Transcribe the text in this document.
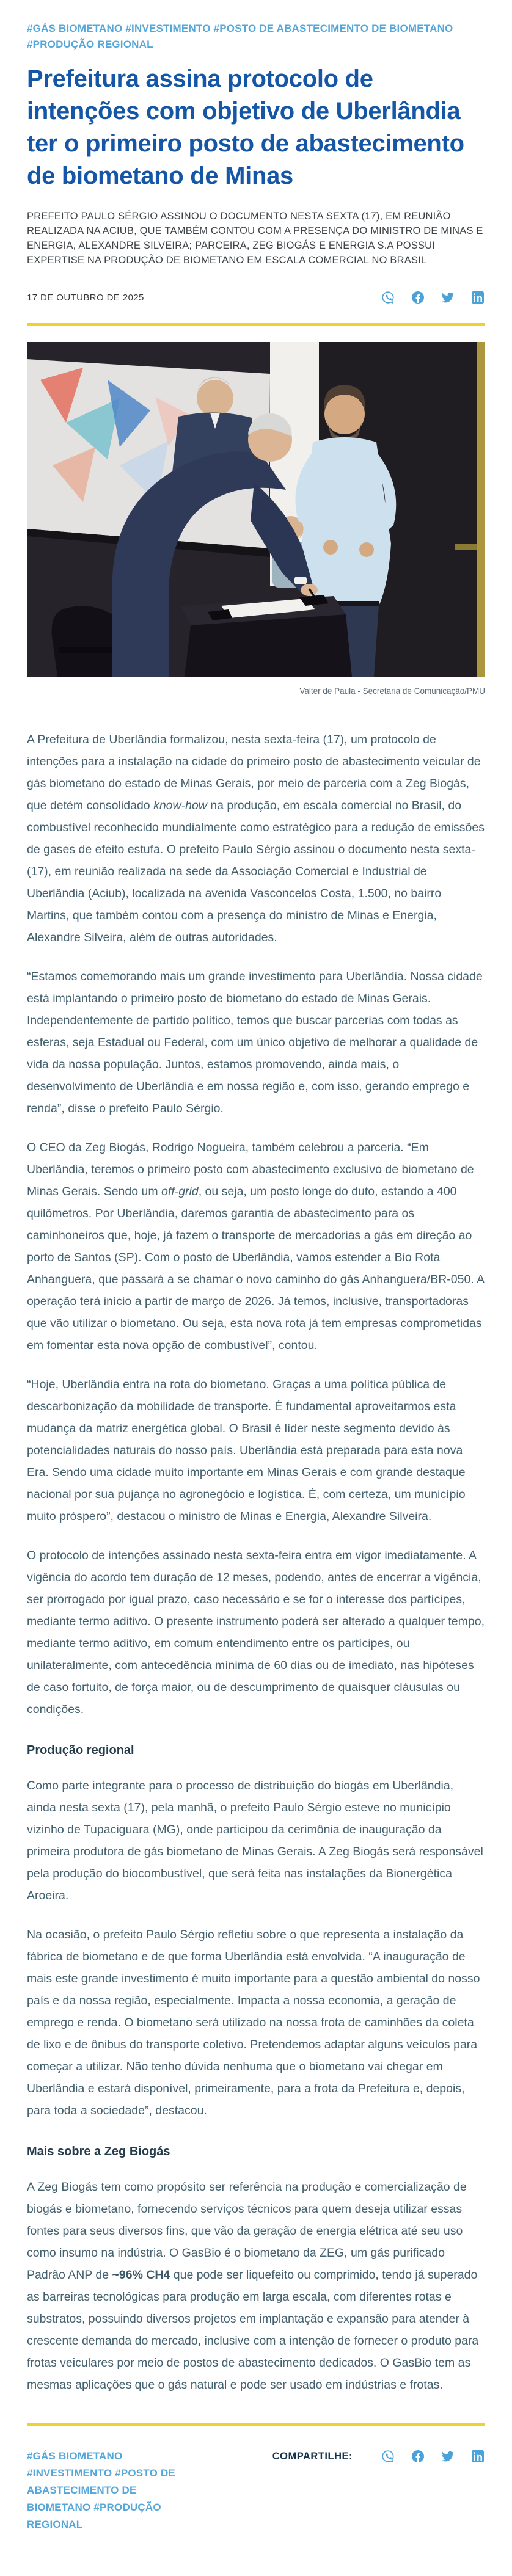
#GÁS BIOMETANO #INVESTIMENTO #POSTO DE ABASTECIMENTO DE BIOMETANO #PRODUÇÃO REGIONAL
Prefeitura assina protocolo de intenções com objetivo de Uberlândia ter o primeiro posto de abastecimento de biometano de Minas

PREFEITO PAULO SÉRGIO ASSINOU O DOCUMENTO NESTA SEXTA (17), EM REUNIÃO REALIZADA NA ACIUB, QUE TAMBÉM CONTOU COM A PRESENÇA DO MINISTRO DE MINAS E ENERGIA, ALEXANDRE SILVEIRA; PARCEIRA, ZEG BIOGÁS E ENERGIA S.A POSSUI EXPERTISE NA PRODUÇÃO DE BIOMETANO EM ESCALA COMERCIAL NO BRASIL

17 DE OUTUBRO DE 2025
Valter de Paula - Secretaria de Comunicação/PMU

A Prefeitura de Uberlândia formalizou, nesta sexta-feira (17), um protocolo de intenções para a instalação na cidade do primeiro posto de abastecimento veicular de gás biometano do estado de Minas Gerais, por meio de parceria com a Zeg Biogás, que detém consolidado know-how na produção, em escala comercial no Brasil, do combustível reconhecido mundialmente como estratégico para a redução de emissões de gases de efeito estufa. O prefeito Paulo Sérgio assinou o documento nesta sexta- (17), em reunião realizada na sede da Associação Comercial e Industrial de Uberlândia (Aciub), localizada na avenida Vasconcelos Costa, 1.500, no bairro Martins, que também contou com a presença do ministro de Minas e Energia, Alexandre Silveira, além de outras autoridades.

“Estamos comemorando mais um grande investimento para Uberlândia. Nossa cidade está implantando o primeiro posto de biometano do estado de Minas Gerais. Independentemente de partido político, temos que buscar parcerias com todas as esferas, seja Estadual ou Federal, com um único objetivo de melhorar a qualidade de vida da nossa população. Juntos, estamos promovendo, ainda mais, o desenvolvimento de Uberlândia e em nossa região e, com isso, gerando emprego e renda”, disse o prefeito Paulo Sérgio.

O CEO da Zeg Biogás, Rodrigo Nogueira, também celebrou a parceria. “Em Uberlândia, teremos o primeiro posto com abastecimento exclusivo de biometano de Minas Gerais. Sendo um off-grid, ou seja, um posto longe do duto, estando a 400 quilômetros. Por Uberlândia, daremos garantia de abastecimento para os caminhoneiros que, hoje, já fazem o transporte de mercadorias a gás em direção ao porto de Santos (SP). Com o posto de Uberlândia, vamos estender a Bio Rota Anhanguera, que passará a se chamar o novo caminho do gás Anhanguera/BR-050. A operação terá início a partir de março de 2026. Já temos, inclusive, transportadoras que vão utilizar o biometano. Ou seja, esta nova rota já tem empresas comprometidas em fomentar esta nova opção de combustível”, contou.

“Hoje, Uberlândia entra na rota do biometano. Graças a uma política pública de descarbonização da mobilidade de transporte. É fundamental aproveitarmos esta mudança da matriz energética global. O Brasil é líder neste segmento devido às potencialidades naturais do nosso país. Uberlândia está preparada para esta nova Era. Sendo uma cidade muito importante em Minas Gerais e com grande destaque nacional por sua pujança no agronegócio e logística. É, com certeza, um município muito próspero”, destacou o ministro de Minas e Energia, Alexandre Silveira.

O protocolo de intenções assinado nesta sexta-feira entra em vigor imediatamente. A vigência do acordo tem duração de 12 meses, podendo, antes de encerrar a vigência, ser prorrogado por igual prazo, caso necessário e se for o interesse dos partícipes, mediante termo aditivo. O presente instrumento poderá ser alterado a qualquer tempo, mediante termo aditivo, em comum entendimento entre os partícipes, ou unilateralmente, com antecedência mínima de 60 dias ou de imediato, nas hipóteses de caso fortuito, de força maior, ou de descumprimento de quaisquer cláusulas ou condições.

Produção regional

Como parte integrante para o processo de distribuição do biogás em Uberlândia, ainda nesta sexta (17), pela manhã, o prefeito Paulo Sérgio esteve no município vizinho de Tupaciguara (MG), onde participou da cerimônia de inauguração da primeira produtora de gás biometano de Minas Gerais. A Zeg Biogás será responsável pela produção do biocombustível, que será feita nas instalações da Bionergética Aroeira.

Na ocasião, o prefeito Paulo Sérgio refletiu sobre o que representa a instalação da fábrica de biometano e de que forma Uberlândia está envolvida. “A inauguração de mais este grande investimento é muito importante para a questão ambiental do nosso país e da nossa região, especialmente. Impacta a nossa economia, a geração de emprego e renda. O biometano será utilizado na nossa frota de caminhões da coleta de lixo e de ônibus do transporte coletivo. Pretendemos adaptar alguns veículos para começar a utilizar. Não tenho dúvida nenhuma que o biometano vai chegar em Uberlândia e estará disponível, primeiramente, para a frota da Prefeitura e, depois, para toda a sociedade”, destacou.

Mais sobre a Zeg Biogás

A Zeg Biogás tem como propósito ser referência na produção e comercialização de biogás e biometano, fornecendo serviços técnicos para quem deseja utilizar essas fontes para seus diversos fins, que vão da geração de energia elétrica até seu uso como insumo na indústria. O GasBio é o biometano da ZEG, um gás purificado Padrão ANP de ~96% CH4 que pode ser liquefeito ou comprimido, tendo já superado as barreiras tecnológicas para produção em larga escala, com diferentes rotas e substratos, possuindo diversos projetos em implantação e expansão para atender à crescente demanda do mercado, inclusive com a intenção de fornecer o produto para frotas veiculares por meio de postos de abastecimento dedicados. O GasBio tem as mesmas aplicações que o gás natural e pode ser usado em indústrias e frotas.

#GÁS BIOMETANO #INVESTIMENTO #POSTO DE ABASTECIMENTO DE BIOMETANO #PRODUÇÃO REGIONAL
COMPARTILHE:
